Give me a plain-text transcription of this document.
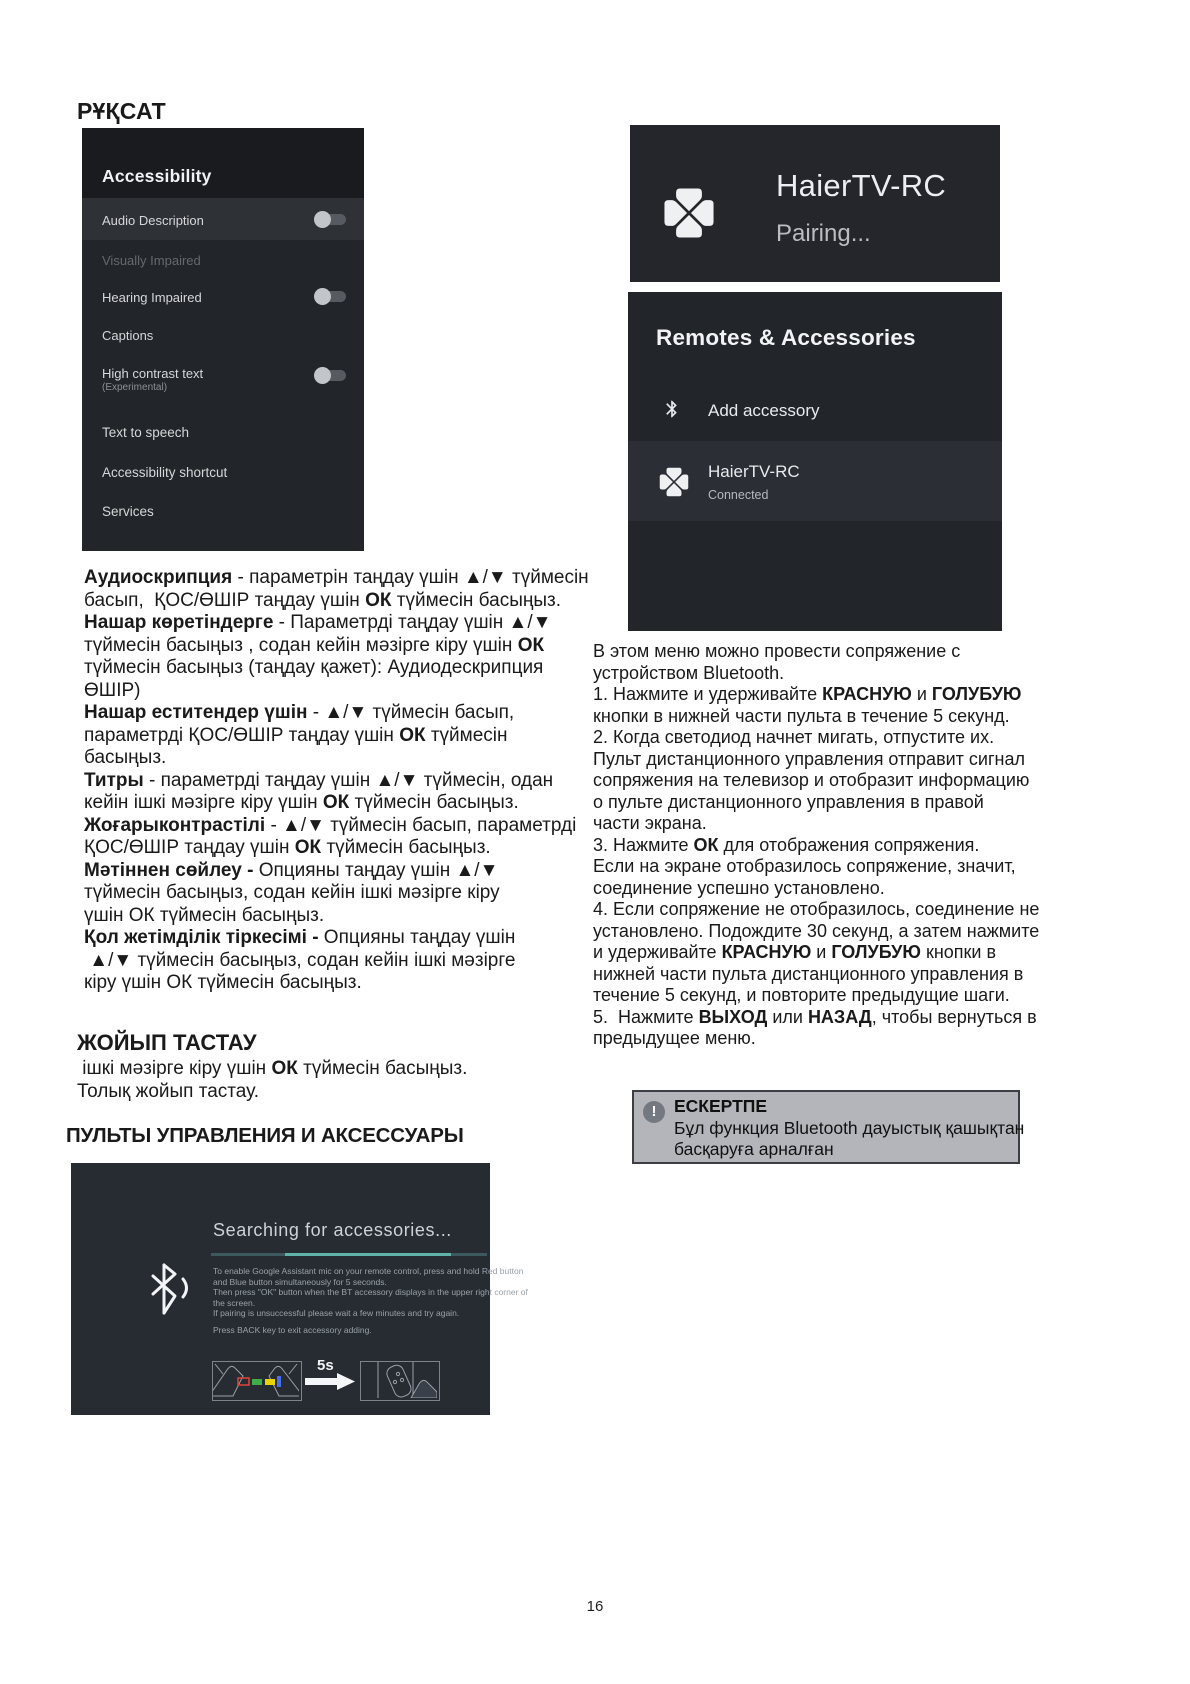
РҰҚСАТ
Accessibility
Audio Description
Visually Impaired
Hearing Impaired
Captions
High contrast text
(Experimental)
Text to speech
Accessibility shortcut
Services
Аудиоскрипция - параметрін таңдау үшін ▲/▼ түймесін
басып,  ҚОС/ӨШІР таңдау үшін ОК түймесін басыңыз.
Нашар көретіндерге - Параметрді таңдау үшін ▲/▼
түймесін басыңыз , содан кейін мәзірге кіру үшін ОК
түймесін басыңыз (таңдау қажет): Аудиодескрипция
ӨШІР)
Нашар еститендер үшін - ▲/▼ түймесін басып,
параметрді ҚОС/ӨШІР таңдау үшін ОК түймесін
басыңыз.
Титры - параметрді таңдау үшін ▲/▼ түймесін, одан
кейін ішкі мәзірге кіру үшін ОК түймесін басыңыз.
Жоғарыконтрастілі - ▲/▼ түймесін басып, параметрді
ҚОС/ӨШІР таңдау үшін ОК түймесін басыңыз.
Мәтіннен сөйлеу - Опцияны таңдау үшін ▲/▼
түймесін басыңыз, содан кейін ішкі мәзірге кіру
үшін ОК түймесін басыңыз.
Қол жетімділік тіркесімі - Опцияны таңдау үшін
▲/▼ түймесін басыңыз, содан кейін ішкі мәзірге
кіру үшін ОК түймесін басыңыз.
ЖОЙЫП ТАСТАУ
ішкі мәзірге кіру үшін ОК түймесін басыңыз.
Толық жойып тастау.
ПУЛЬТЫ УПРАВЛЕНИЯ И АКСЕССУАРЫ
Searching for accessories...
To enable Google Assistant mic on your remote control, press and hold Red button
and Blue button simultaneously for 5 seconds.
Then press "OK" button when the BT accessory displays in the upper right corner of
the screen.
If pairing is unsuccessful please wait a few minutes and try again.
Press BACK key to exit accessory adding.
5s
HaierTV-RC
Pairing...
Remotes & Accessories
Add accessory
HaierTV-RC
Connected
В этом меню можно провести сопряжение с
устройством Bluetooth.
1. Нажмите и удерживайте КРАСНУЮ и ГОЛУБУЮ
кнопки в нижней части пульта в течение 5 секунд.
2. Когда светодиод начнет мигать, отпустите их.
Пульт дистанционного управления отправит сигнал
сопряжения на телевизор и отобразит информацию
о пульте дистанционного управления в правой
части экрана.
3. Нажмите ОК для отображения сопряжения.
Если на экране отобразилось сопряжение, значит,
соединение успешно установлено.
4. Если сопряжение не отобразилось, соединение не
установлено. Подождите 30 секунд, а затем нажмите
и удерживайте КРАСНУЮ и ГОЛУБУЮ кнопки в
нижней части пульта дистанционного управления в
течение 5 секунд, и повторите предыдущие шаги.
5.  Нажмите ВЫХОД или НАЗАД, чтобы вернуться в
предыдущее меню.
!	ЕСКЕРТПЕ
Бұл функция Bluetooth дауыстық қашықтан
басқаруға арналған
16
